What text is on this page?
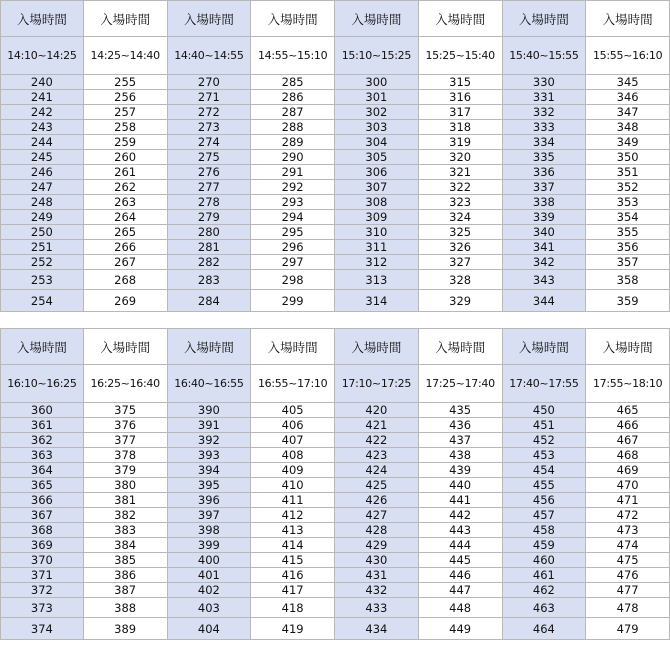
入場時間	入場時間	入場時間	入場時間	入場時間	入場時間	入場時間	入場時間
14:10~14:25	14:25~14:40	14:40~14:55	14:55~15:10	15:10~15:25	15:25~15:40	15:40~15:55	15:55~16:10
240	255	270	285	300	315	330	345
241	256	271	286	301	316	331	346
242	257	272	287	302	317	332	347
243	258	273	288	303	318	333	348
244	259	274	289	304	319	334	349
245	260	275	290	305	320	335	350
246	261	276	291	306	321	336	351
247	262	277	292	307	322	337	352
248	263	278	293	308	323	338	353
249	264	279	294	309	324	339	354
250	265	280	295	310	325	340	355
251	266	281	296	311	326	341	356
252	267	282	297	312	327	342	357
253	268	283	298	313	328	343	358
254	269	284	299	314	329	344	359
入場時間	入場時間	入場時間	入場時間	入場時間	入場時間	入場時間	入場時間
16:10~16:25	16:25~16:40	16:40~16:55	16:55~17:10	17:10~17:25	17:25~17:40	17:40~17:55	17:55~18:10
360	375	390	405	420	435	450	465
361	376	391	406	421	436	451	466
362	377	392	407	422	437	452	467
363	378	393	408	423	438	453	468
364	379	394	409	424	439	454	469
365	380	395	410	425	440	455	470
366	381	396	411	426	441	456	471
367	382	397	412	427	442	457	472
368	383	398	413	428	443	458	473
369	384	399	414	429	444	459	474
370	385	400	415	430	445	460	475
371	386	401	416	431	446	461	476
372	387	402	417	432	447	462	477
373	388	403	418	433	448	463	478
374	389	404	419	434	449	464	479
